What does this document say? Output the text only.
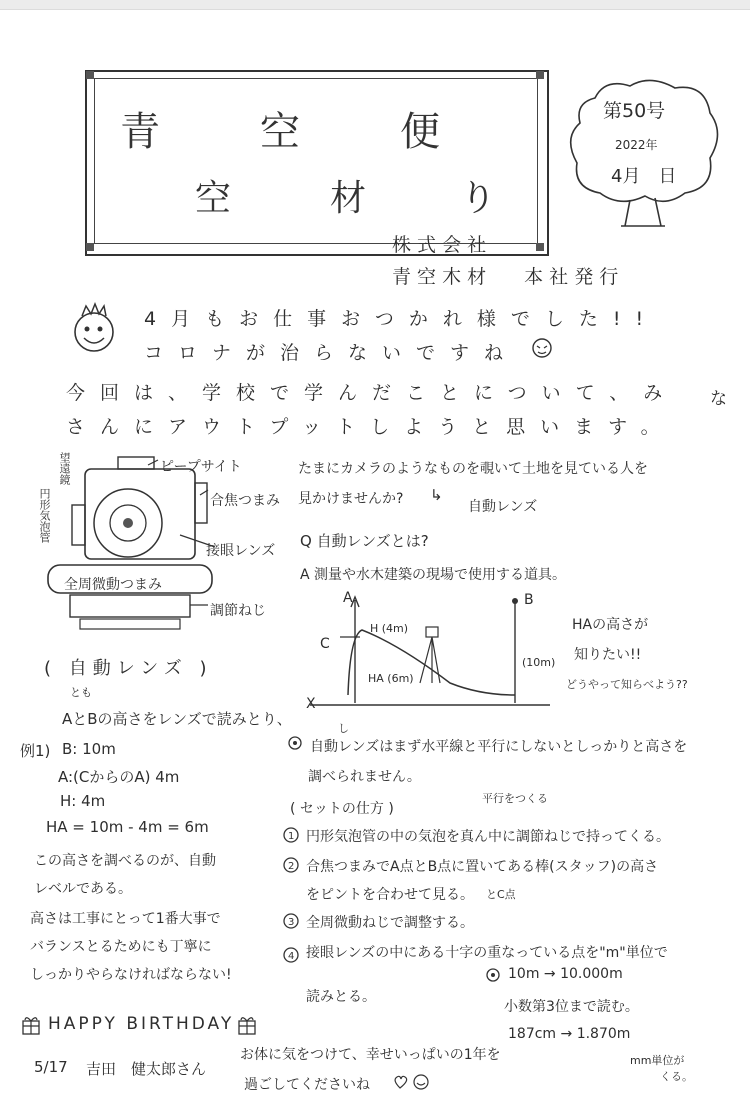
青 空 便
空	材	り
第50号
2022年
4月　日
株 式 会 社
青 空 木 材　　本 社 発 行
4月もお仕事おつかれ様でした!!
コロナが治らないですね
今回は、学校で学んだことについて、み な
さんにアウトプットしようと思います。
ピープサイト
合焦つまみ
接眼レンズ
全周微動つまみ
調節ねじ
円形気泡管
望遠鏡
( 自動レンズ )
とも
AとBの高さをレンズで読みとり、
例1) B: 10m
A:(CからのA) 4m
H: 4m
HA = 10m - 4m = 6m
この高さを調べるのが、自動
レベルである。
高さは工事にとって1番大事で
バランスとるためにも丁寧に
しっかりやらなければならない!
たまにカメラのようなものを覗いて土地を見ている人を
見かけませんか? ↳
自動レンズ
Q 自動レンズとは?
A 測量や水木建築の現場で使用する道具。
A	B
C
X
H (4m)
HA (6m)
(10m)
HAの高さが
知りたい!!
どうやって知らべよう??
し
自動レンズはまず水平線と平行にしないとしっかりと高さを
調べられません。
( セットの仕方 )
平行をつくる
1 円形気泡管の中の気泡を真ん中に調節ねじで持ってくる。
2 合焦つまみでA点とB点に置いてある棒(スタッフ)の高さ
をピントを合わせて見る。 とC点
3 全周微動ねじで調整する。
4 接眼レンズの中にある十字の重なっている点を"m"単位で
読みとる。
10m → 10.000m
小数第3位まで読む。
187cm → 1.870m
mm単位が
くる。
HAPPY BIRTHDAY
5/17 吉田　健太郎さん
お体に気をつけて、幸せいっぱいの1年を
過ごしてくださいね
